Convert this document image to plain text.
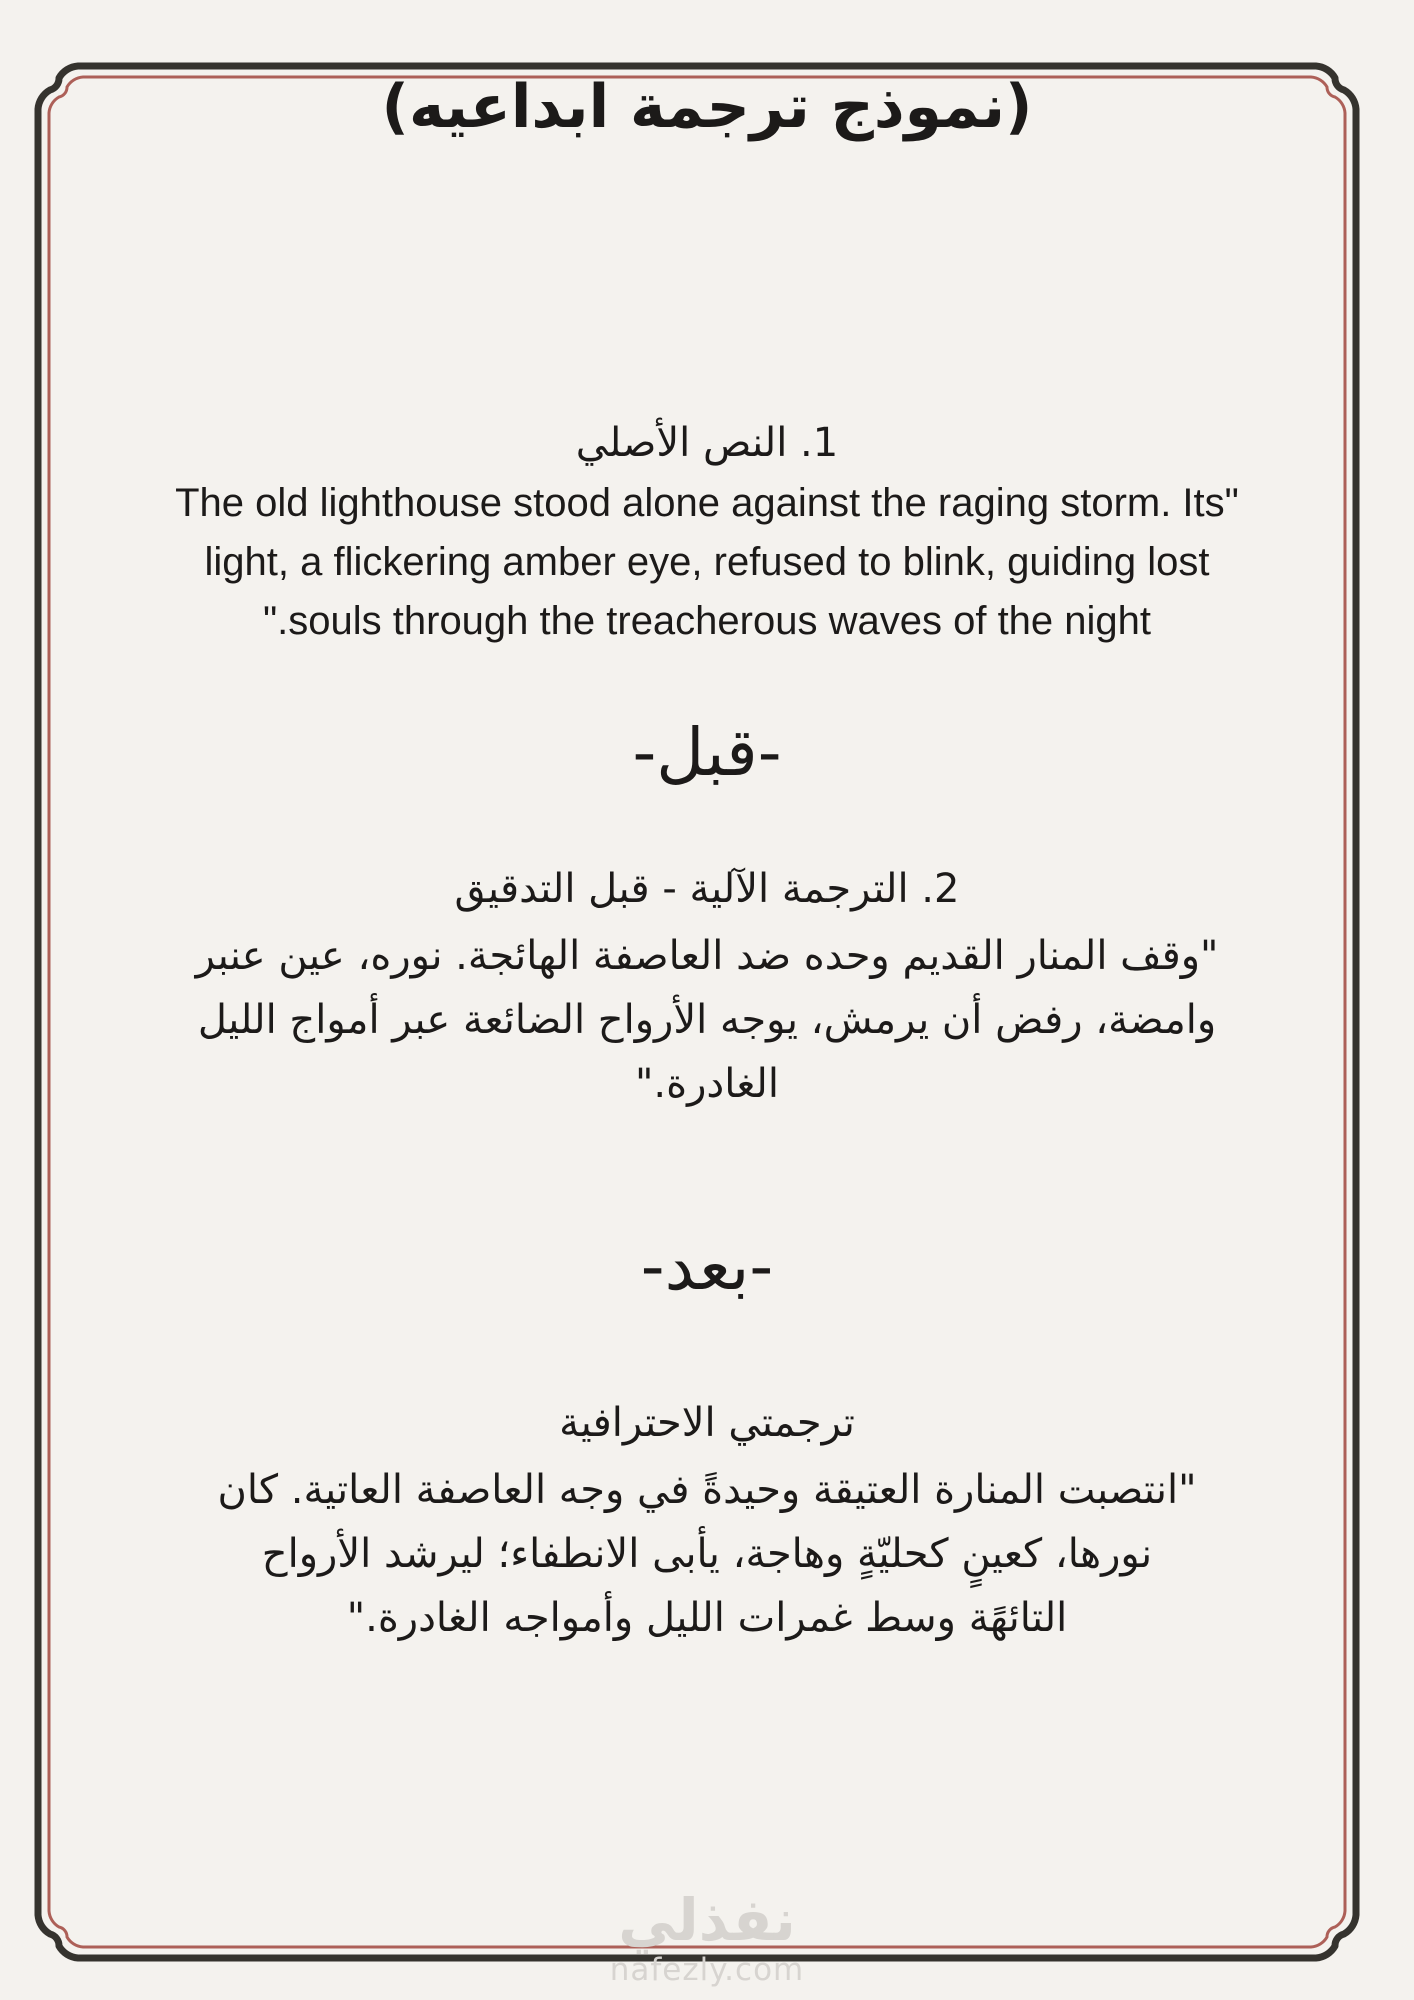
(نموذج ترجمة ابداعيه)
1. النص الأصلي
"The old lighthouse stood alone against the raging storm. Its
light, a flickering amber eye, refused to blink, guiding lost
souls through the treacherous waves of the night."
-قبل-
2. الترجمة الآلية - قبل التدقيق
"وقف المنار القديم وحده ضد العاصفة الهائجة. نوره، عين عنبر
وامضة، رفض أن يرمش، يوجه الأرواح الضائعة عبر أمواج الليل
الغادرة."
-بعد-
ترجمتي الاحترافية
"انتصبت المنارة العتيقة وحيدةً في وجه العاصفة العاتية. كان
نورها، كعينٍ كحليّةٍ وهاجة، يأبى الانطفاء؛ ليرشد الأرواح
التائهًة وسط غمرات الليل وأمواجه الغادرة."
نفذلي
nafezly.com
